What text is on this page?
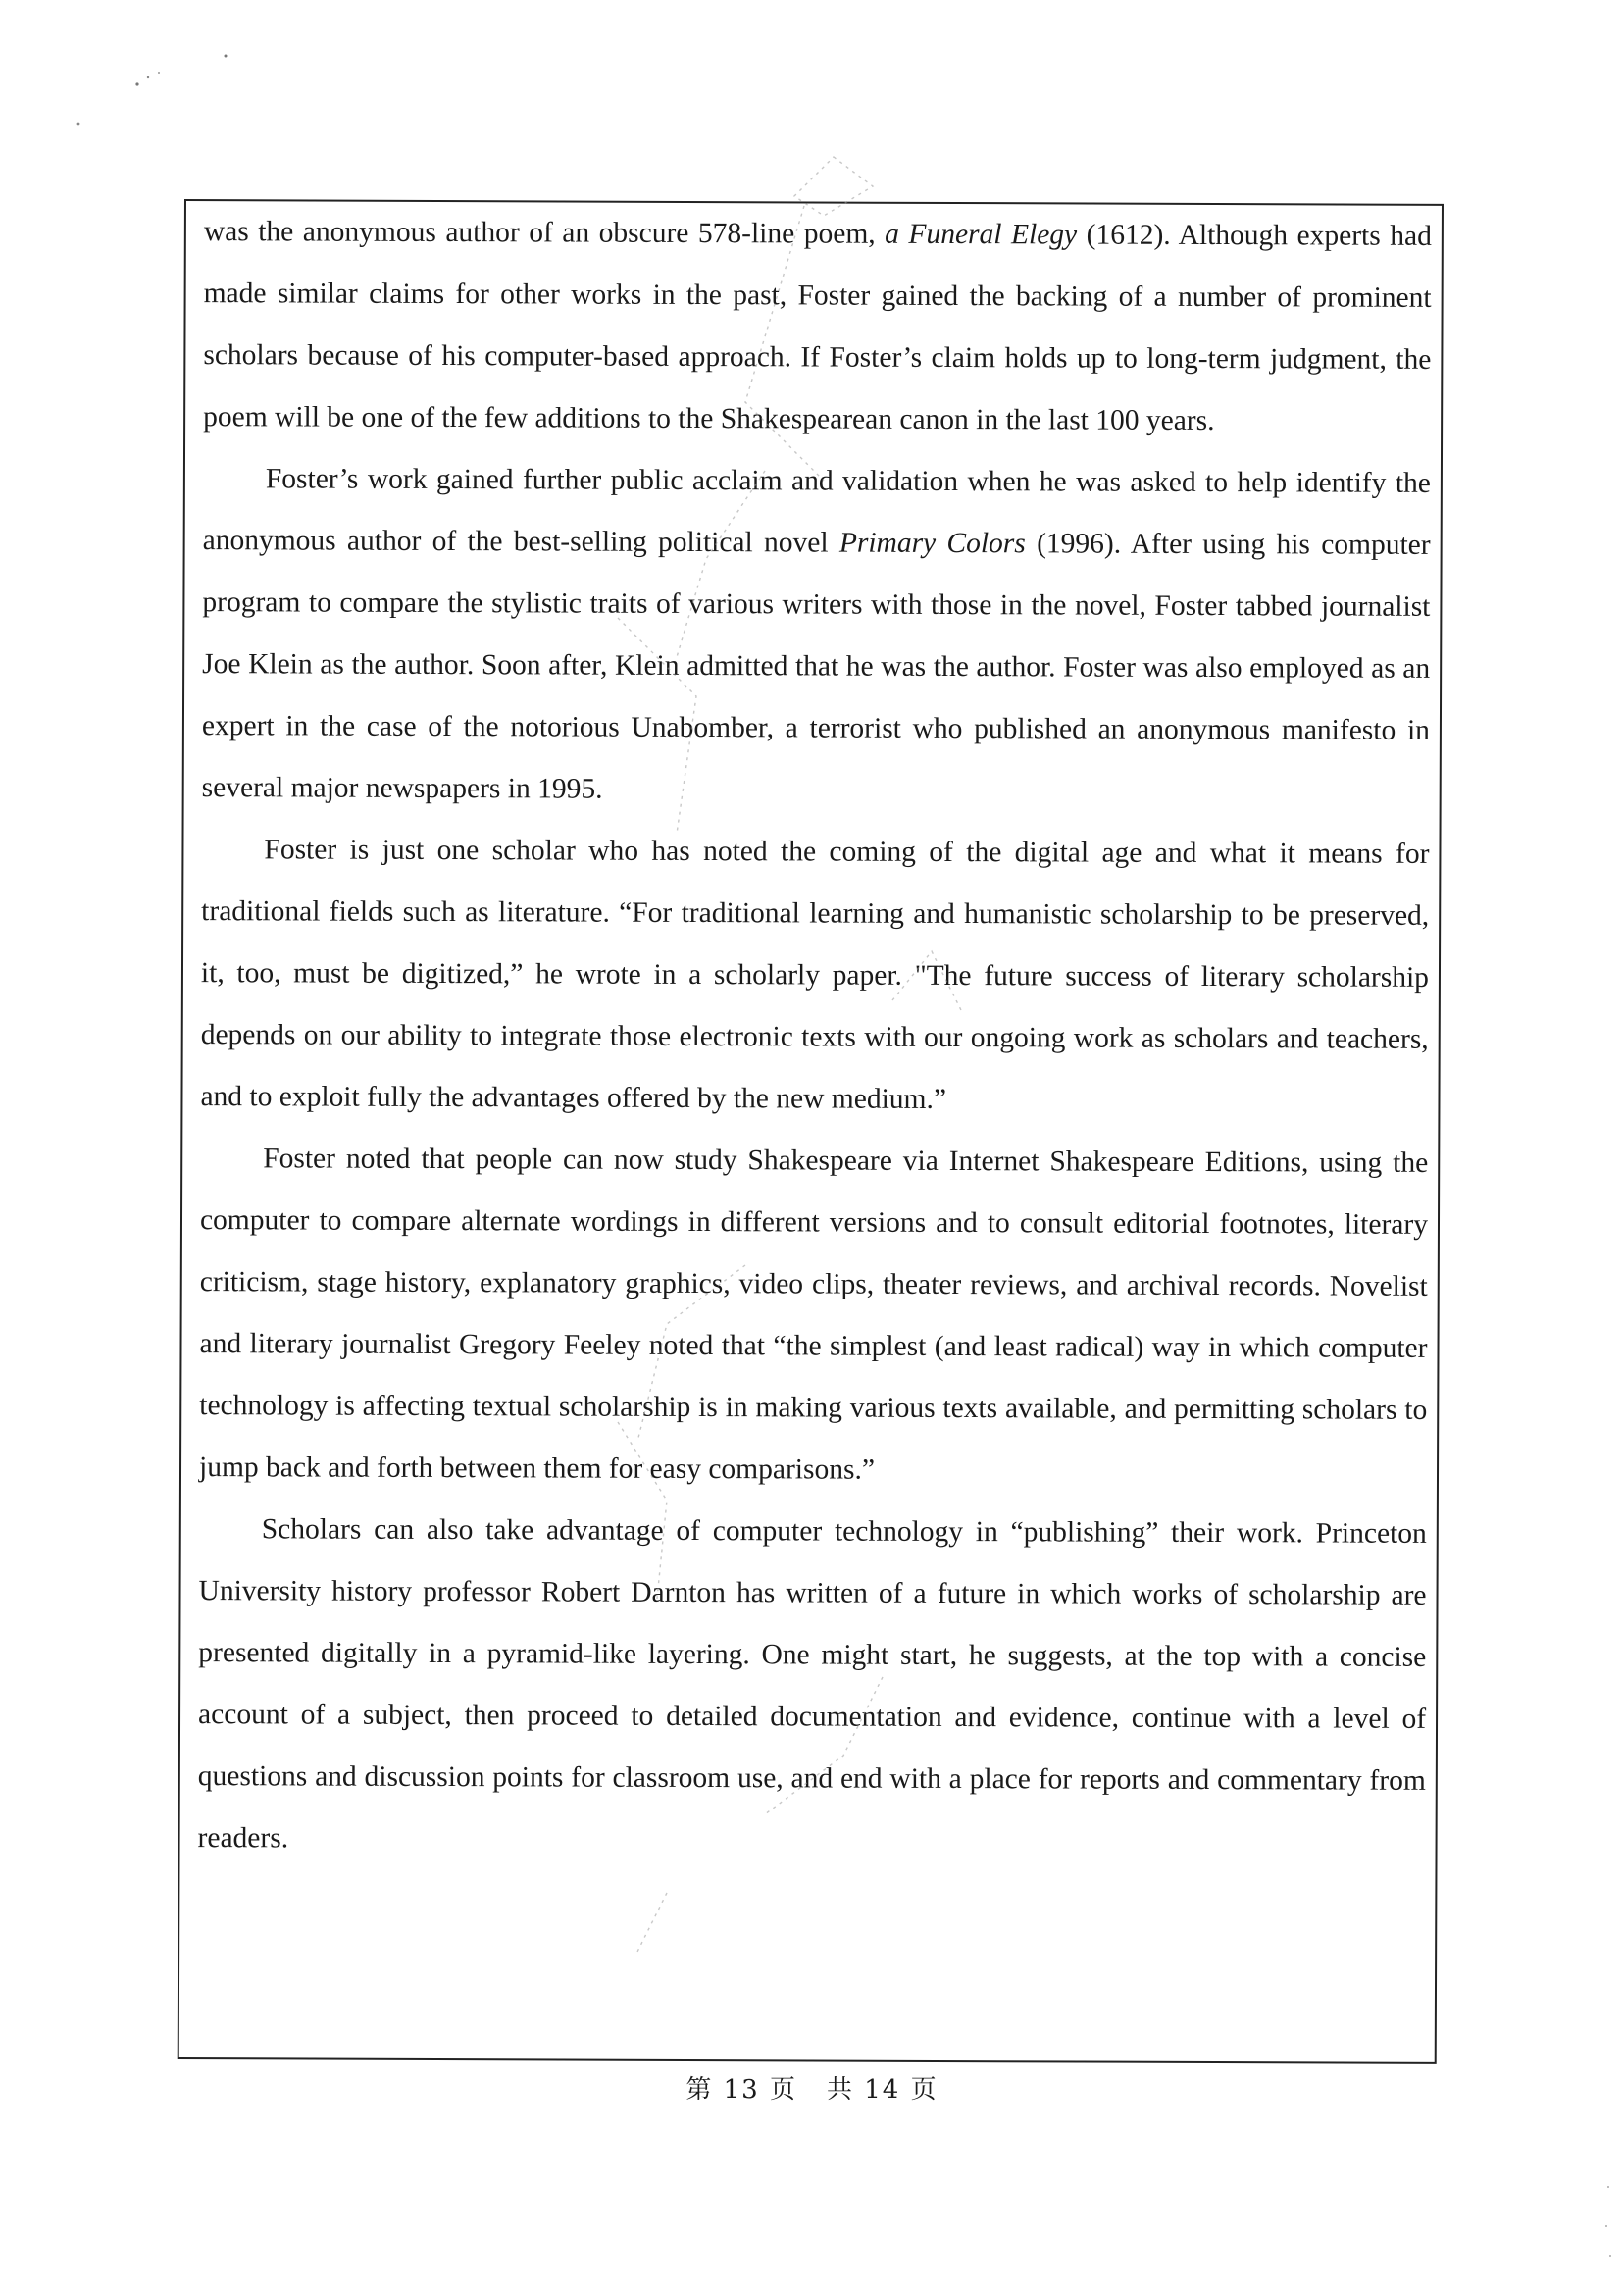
was the anonymous author of an obscure 578-line poem, a Funeral Elegy (1612). Although experts had made similar claims for other works in the past, Foster gained the backing of a number of prominent scholars because of his computer-based approach. If Foster’s claim holds up to long-term judgment, the poem will be one of the few additions to the Shakespearean canon in the last 100 years.

Foster’s work gained further public acclaim and validation when he was asked to help identify the anonymous author of the best-selling political novel Primary Colors (1996). After using his computer program to compare the stylistic traits of various writers with those in the novel, Foster tabbed journalist Joe Klein as the author. Soon after, Klein admitted that he was the author. Foster was also employed as an expert in the case of the notorious Unabomber, a terrorist who published an anonymous manifesto in several major newspapers in 1995.

Foster is just one scholar who has noted the coming of the digital age and what it means for traditional fields such as literature. “For traditional learning and humanistic scholarship to be preserved, it, too, must be digitized,” he wrote in a scholarly paper. "The future success of literary scholarship depends on our ability to integrate those electronic texts with our ongoing work as scholars and teachers, and to exploit fully the advantages offered by the new medium.”

Foster noted that people can now study Shakespeare via Internet Shakespeare Editions, using the computer to compare alternate wordings in different versions and to consult editorial footnotes, literary criticism, stage history, explanatory graphics, video clips, theater reviews, and archival records. Novelist and literary journalist Gregory Feeley noted that “the simplest (and least radical) way in which computer technology is affecting textual scholarship is in making various texts available, and permitting scholars to jump back and forth between them for easy comparisons.”

Scholars can also take advantage of computer technology in “publishing” their work. Princeton University history professor Robert Darnton has written of a future in which works of scholarship are presented digitally in a pyramid-like layering. One might start, he suggests, at the top with a concise account of a subject, then proceed to detailed documentation and evidence, continue with a level of questions and discussion points for classroom use, and end with a place for reports and commentary from readers.

第 13 页 共 14 页
